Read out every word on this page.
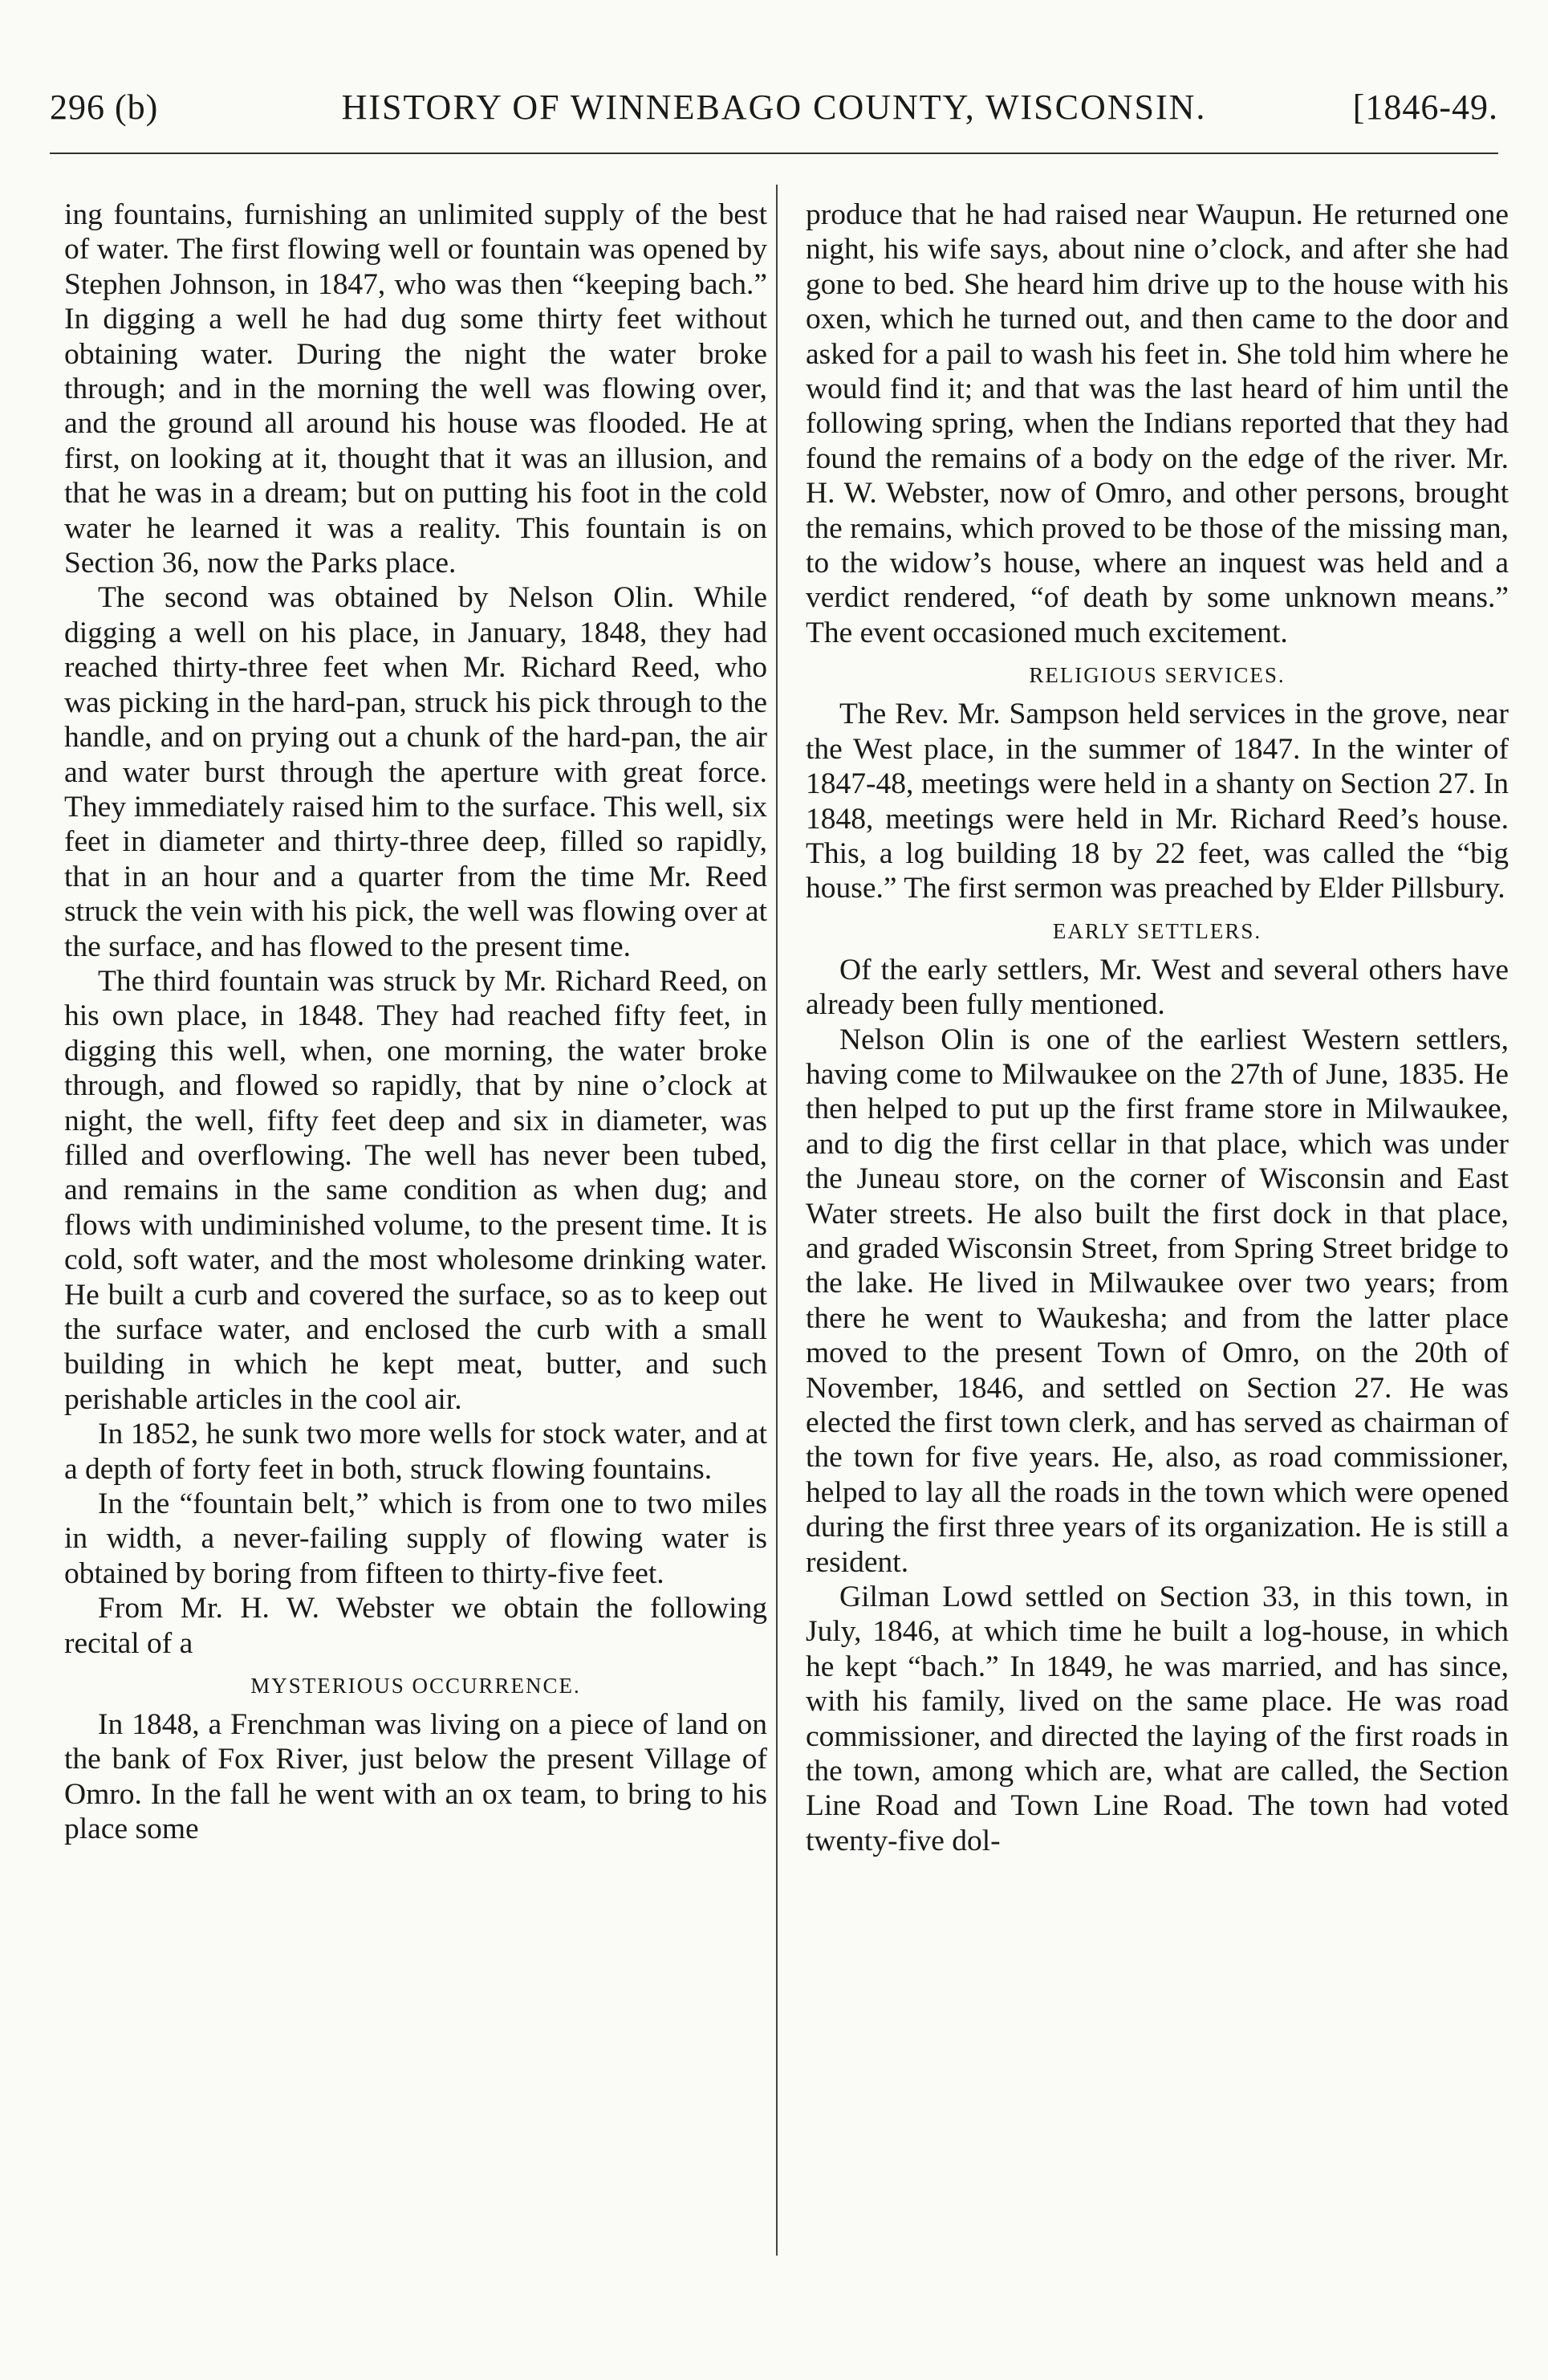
296 (b)	HISTORY OF WINNEBAGO COUNTY, WISCONSIN.	[1846-49.

ing fountains, furnishing an unlimited supply of the best of water. The first flowing well or fountain was opened by Stephen Johnson, in 1847, who was then “keeping bach.” In digging a well he had dug some thirty feet without obtaining water. During the night the water broke through; and in the morning the well was flowing over, and the ground all around his house was flooded. He at first, on looking at it, thought that it was an illusion, and that he was in a dream; but on putting his foot in the cold water he learned it was a reality. This fountain is on Section 36, now the Parks place.

The second was obtained by Nelson Olin. While digging a well on his place, in January, 1848, they had reached thirty-three feet when Mr. Richard Reed, who was picking in the hard-pan, struck his pick through to the handle, and on prying out a chunk of the hard-pan, the air and water burst through the aperture with great force. They immediately raised him to the surface. This well, six feet in diameter and thirty-three deep, filled so rapidly, that in an hour and a quarter from the time Mr. Reed struck the vein with his pick, the well was flowing over at the surface, and has flowed to the present time.

The third fountain was struck by Mr. Richard Reed, on his own place, in 1848. They had reached fifty feet, in digging this well, when, one morning, the water broke through, and flowed so rapidly, that by nine o’clock at night, the well, fifty feet deep and six in diameter, was filled and overflowing. The well has never been tubed, and remains in the same condition as when dug; and flows with undiminished volume, to the present time. It is cold, soft water, and the most wholesome drinking water. He built a curb and covered the surface, so as to keep out the surface water, and enclosed the curb with a small building in which he kept meat, butter, and such perishable articles in the cool air.

In 1852, he sunk two more wells for stock water, and at a depth of forty feet in both, struck flowing fountains.

In the “fountain belt,” which is from one to two miles in width, a never-failing supply of flowing water is obtained by boring from fifteen to thirty-five feet.

From Mr. H. W. Webster we obtain the following recital of a

MYSTERIOUS OCCURRENCE.

In 1848, a Frenchman was living on a piece of land on the bank of Fox River, just below the present Village of Omro. In the fall he went with an ox team, to bring to his place some

produce that he had raised near Waupun. He returned one night, his wife says, about nine o’clock, and after she had gone to bed. She heard him drive up to the house with his oxen, which he turned out, and then came to the door and asked for a pail to wash his feet in. She told him where he would find it; and that was the last heard of him until the following spring, when the Indians reported that they had found the remains of a body on the edge of the river. Mr. H. W. Webster, now of Omro, and other persons, brought the remains, which proved to be those of the missing man, to the widow’s house, where an inquest was held and a verdict rendered, “of death by some unknown means.” The event occasioned much excitement.

RELIGIOUS SERVICES.

The Rev. Mr. Sampson held services in the grove, near the West place, in the summer of 1847. In the winter of 1847-48, meetings were held in a shanty on Section 27. In 1848, meetings were held in Mr. Richard Reed’s house. This, a log building 18 by 22 feet, was called the “big house.” The first sermon was preached by Elder Pillsbury.

EARLY SETTLERS.

Of the early settlers, Mr. West and several others have already been fully mentioned.

Nelson Olin is one of the earliest Western settlers, having come to Milwaukee on the 27th of June, 1835. He then helped to put up the first frame store in Milwaukee, and to dig the first cellar in that place, which was under the Juneau store, on the corner of Wisconsin and East Water streets. He also built the first dock in that place, and graded Wisconsin Street, from Spring Street bridge to the lake. He lived in Milwaukee over two years; from there he went to Waukesha; and from the latter place moved to the present Town of Omro, on the 20th of November, 1846, and settled on Section 27. He was elected the first town clerk, and has served as chairman of the town for five years. He, also, as road commissioner, helped to lay all the roads in the town which were opened during the first three years of its organization. He is still a resident.

Gilman Lowd settled on Section 33, in this town, in July, 1846, at which time he built a log-house, in which he kept “bach.” In 1849, he was married, and has since, with his family, lived on the same place. He was road commissioner, and directed the laying of the first roads in the town, among which are, what are called, the Section Line Road and Town Line Road. The town had voted twenty-five dol-
